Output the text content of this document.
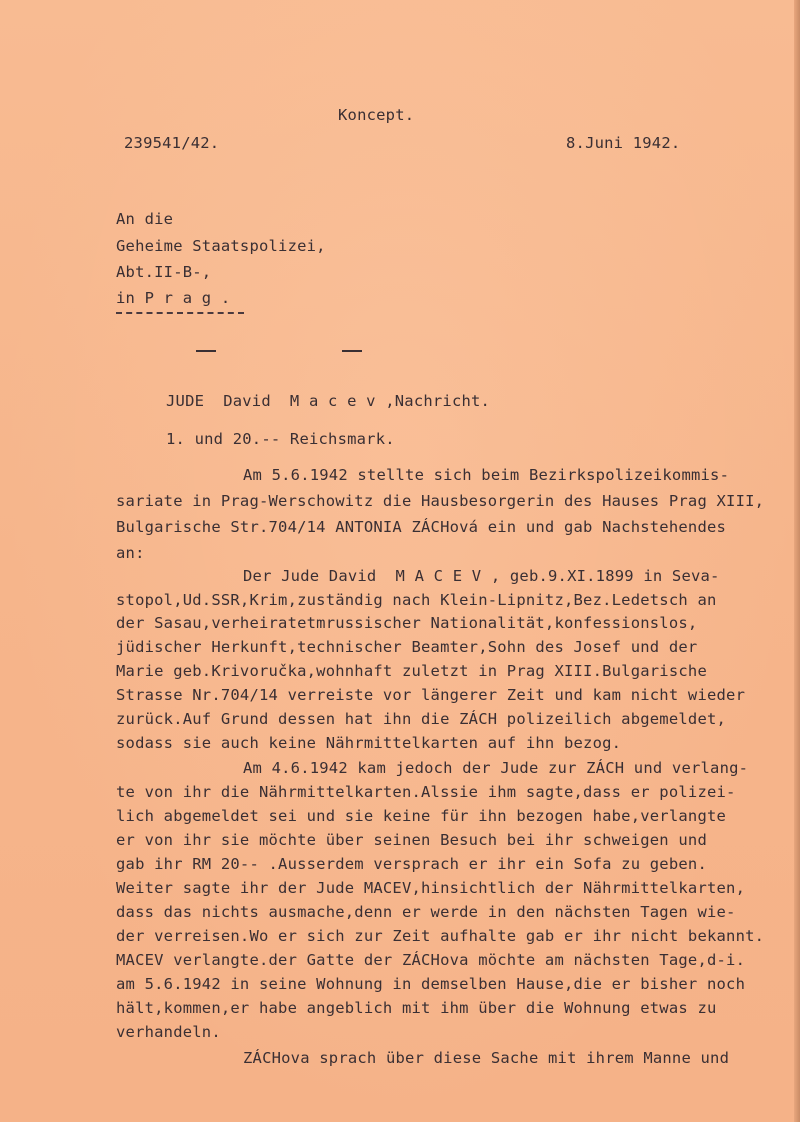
Koncept.
239541/42.	8.Juni 1942.
An die
Geheime Staatspolizei,
Abt.II-B-,
in P r a g .
JUDE  David  M a c e v ,Nachricht.
1. und 20.-- Reichsmark.
Am 5.6.1942 stellte sich beim Bezirkspolizeikommis-
sariate in Prag-Werschowitz die Hausbesorgerin des Hauses Prag XIII,
Bulgarische Str.704/14 ANTONIA ZÁCHová ein und gab Nachstehendes
an:
Der Jude David  M A C E V , geb.9.XI.1899 in Seva-
stopol,Ud.SSR,Krim,zuständig nach Klein-Lipnitz,Bez.Ledetsch an
der Sasau,verheiratetmrussischer Nationalität,konfessionslos,
jüdischer Herkunft,technischer Beamter,Sohn des Josef und der
Marie geb.Krivoručka,wohnhaft zuletzt in Prag XIII.Bulgarische
Strasse Nr.704/14 verreiste vor längerer Zeit und kam nicht wieder
zurück.Auf Grund dessen hat ihn die ZÁCH polizeilich abgemeldet,
sodass sie auch keine Nährmittelkarten auf ihn bezog.
Am 4.6.1942 kam jedoch der Jude zur ZÁCH und verlang-
te von ihr die Nährmittelkarten.Alssie ihm sagte,dass er polizei-
lich abgemeldet sei und sie keine für ihn bezogen habe,verlangte
er von ihr sie möchte über seinen Besuch bei ihr schweigen und
gab ihr RM 20-- .Ausserdem versprach er ihr ein Sofa zu geben.
Weiter sagte ihr der Jude MACEV,hinsichtlich der Nährmittelkarten,
dass das nichts ausmache,denn er werde in den nächsten Tagen wie-
der verreisen.Wo er sich zur Zeit aufhalte gab er ihr nicht bekannt.
MACEV verlangte.der Gatte der ZÁCHova möchte am nächsten Tage,d-i.
am 5.6.1942 in seine Wohnung in demselben Hause,die er bisher noch
hält,kommen,er habe angeblich mit ihm über die Wohnung etwas zu
verhandeln.
ZÁCHova sprach über diese Sache mit ihrem Manne und
